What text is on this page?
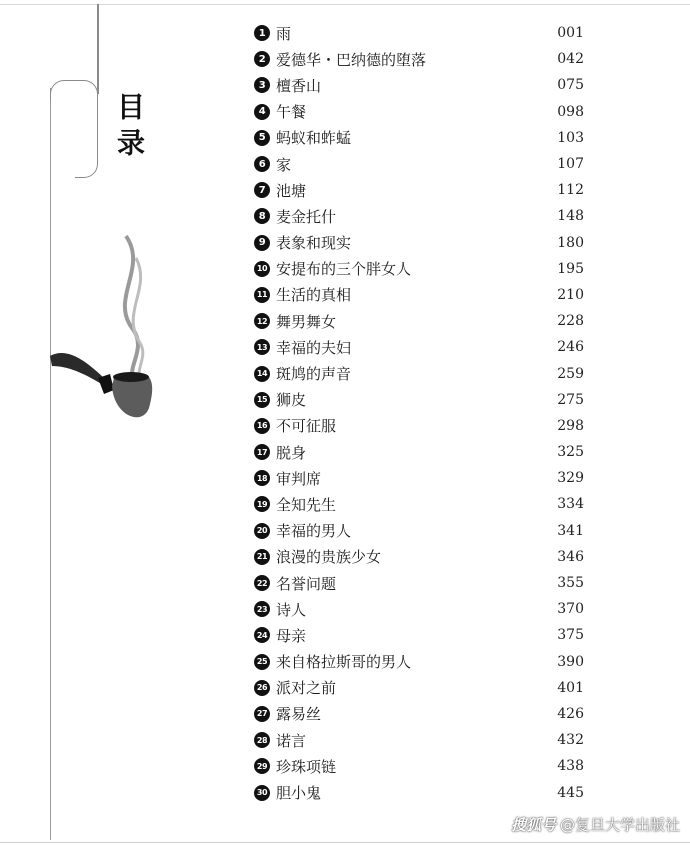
目录
1 雨	001
2 爱德华・巴纳德的堕落	042
3 檀香山	075
4 午餐	098
5 蚂蚁和蚱蜢	103
6 家	107
7 池塘	112
8 麦金托什	148
9 表象和现实	180
10 安提布的三个胖女人	195
11 生活的真相	210
12 舞男舞女	228
13 幸福的夫妇	246
14 斑鸠的声音	259
15 狮皮	275
16 不可征服	298
17 脱身	325
18 审判席	329
19 全知先生	334
20 幸福的男人	341
21 浪漫的贵族少女	346
22 名誉问题	355
23 诗人	370
24 母亲	375
25 来自格拉斯哥的男人	390
26 派对之前	401
27 露易丝	426
28 诺言	432
29 珍珠项链	438
30 胆小鬼	445
搜狐号 @复旦大学出版社
